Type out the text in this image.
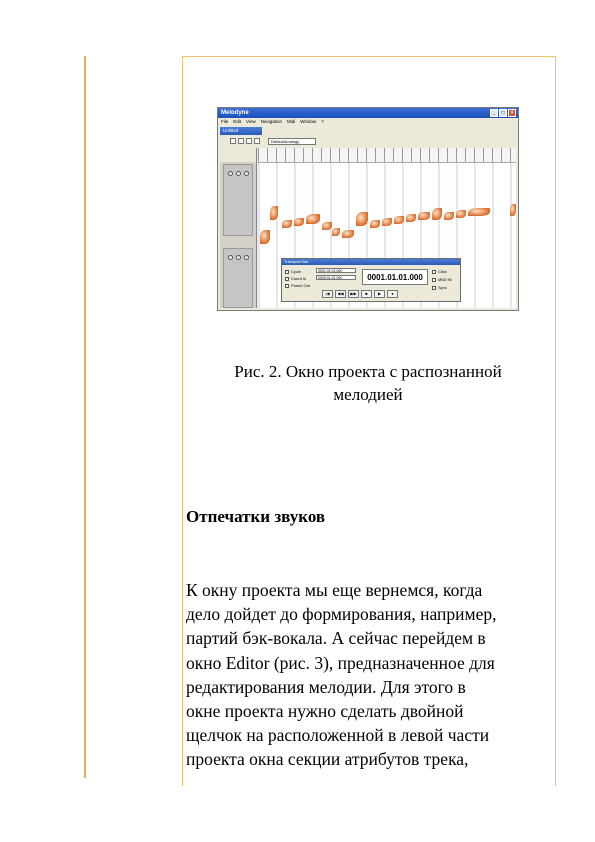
Melodyne	_	□	×
File Edit View Navigation Midi Window ?
Untitled
Default/Analogy
Transport Bar
Cycle	0001.01.01.000
Count In	0009.01.01.000
Punch Out
0001.01.01.000
|◀	◀◀	▶▶	■	▶	●
Click
MIDI IN
Sync
Рис. 2. Окно проекта с распознанной
мелодией
Отпечатки звуков

К окну проекта мы еще вернемся, когда
дело дойдет до формирования, например,
партий бэк-вокала. А сейчас перейдем в
окно Editor (рис. 3), предназначенное для
редактирования мелодии. Для этого в
окне проекта нужно сделать двойной
щелчок на расположенной в левой части
проекта окна секции атрибутов трека,
